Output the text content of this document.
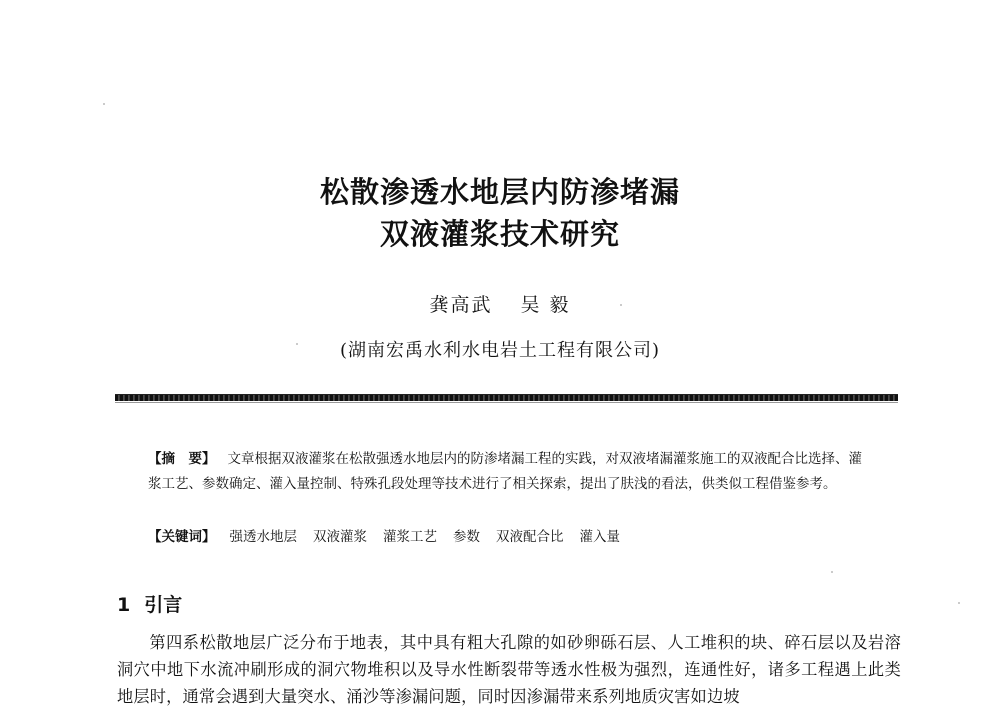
松散渗透水地层内防渗堵漏
双液灌浆技术研究
龚高武 吴 毅
(湖南宏禹水利水电岩土工程有限公司)

【摘　要】 文章根据双液灌浆在松散强透水地层内的防渗堵漏工程的实践，对双液堵漏灌浆施工的双液配合比选择、灌浆工艺、参数确定、灌入量控制、特殊孔段处理等技术进行了相关探索，提出了肤浅的看法，供类似工程借鉴参考。

【关键词】 强透水地层 双液灌浆 灌浆工艺 参数 双液配合比 灌入量
1 引言

第四系松散地层广泛分布于地表，其中具有粗大孔隙的如砂卵砾石层、人工堆积的块、碎石层以及岩溶洞穴中地下水流冲刷形成的洞穴物堆积以及导水性断裂带等透水性极为强烈，连通性好，诸多工程遇上此类地层时，通常会遇到大量突水、涌沙等渗漏问题，同时因渗漏带来系列地质灾害如边坡
